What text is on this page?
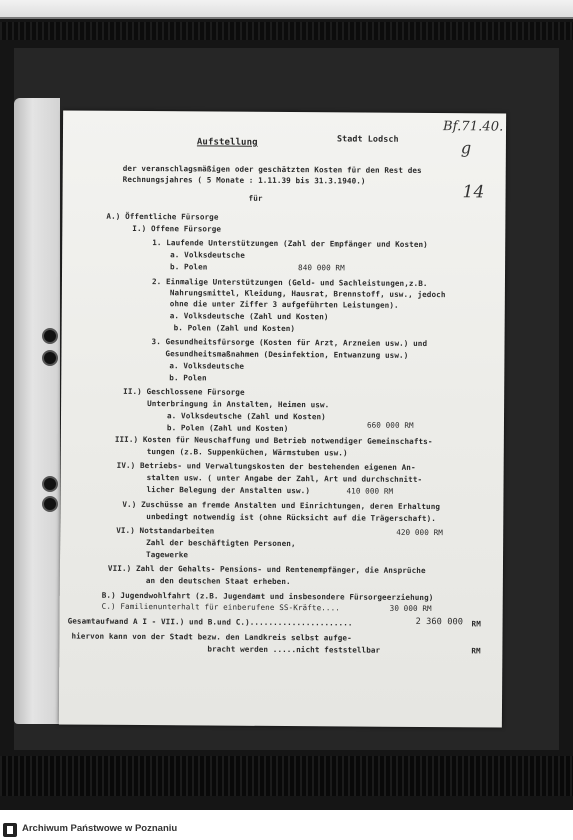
Aufstellung	Stadt Lodsch
Bf.71.40.
g
14
der veranschlagsmäßigen oder geschätzten Kosten für den Rest des
Rechnungsjahres ( 5 Monate : 1.11.39 bis 31.3.1940.)
für
A.) Öffentliche Fürsorge
I.) Offene Fürsorge
1. Laufende Unterstützungen (Zahl der Empfänger und Kosten)
a. Volksdeutsche
b. Polen	840 000 RM
2. Einmalige Unterstützungen (Geld- und Sachleistungen,z.B.
Nahrungsmittel, Kleidung, Hausrat, Brennstoff, usw., jedoch
ohne die unter Ziffer 3 aufgeführten Leistungen).
a. Volksdeutsche (Zahl und Kosten)
b. Polen (Zahl und Kosten)
3. Gesundheitsfürsorge (Kosten für Arzt, Arzneien usw.) und
Gesundheitsmaßnahmen (Desinfektion, Entwanzung usw.)
a. Volksdeutsche
b. Polen
II.) Geschlossene Fürsorge
Unterbringung in Anstalten, Heimen usw.
a. Volksdeutsche (Zahl und Kosten)
b. Polen (Zahl und Kosten)	660 000 RM
III.) Kosten für Neuschaffung und Betrieb notwendiger Gemeinschafts-
tungen (z.B. Suppenküchen, Wärmstuben usw.)
IV.) Betriebs- und Verwaltungskosten der bestehenden eigenen An-
stalten usw. ( unter Angabe der Zahl, Art und durchschnitt-
licher Belegung der Anstalten usw.)	410 000 RM
V.) Zuschüsse an fremde Anstalten und Einrichtungen, deren Erhaltung
unbedingt notwendig ist (ohne Rücksicht auf die Trägerschaft).
VI.) Notstandarbeiten	420 000 RM
Zahl der beschäftigten Personen,
Tagewerke
VII.) Zahl der Gehalts- Pensions- und Rentenempfänger, die Ansprüche
an den deutschen Staat erheben.
B.) Jugendwohlfahrt (z.B. Jugendamt und insbesondere Fürsorgeerziehung)
C.) Familienunterhalt für einberufene SS-Kräfte....	30 000 RM
Gesamtaufwand A I - VII.) und B.und C.)......................	2 360 000 RM
hiervon kann von der Stadt bezw. den Landkreis selbst aufge-
bracht werden .....nicht feststellbar	RM
Archiwum Państwowe w Poznaniu
